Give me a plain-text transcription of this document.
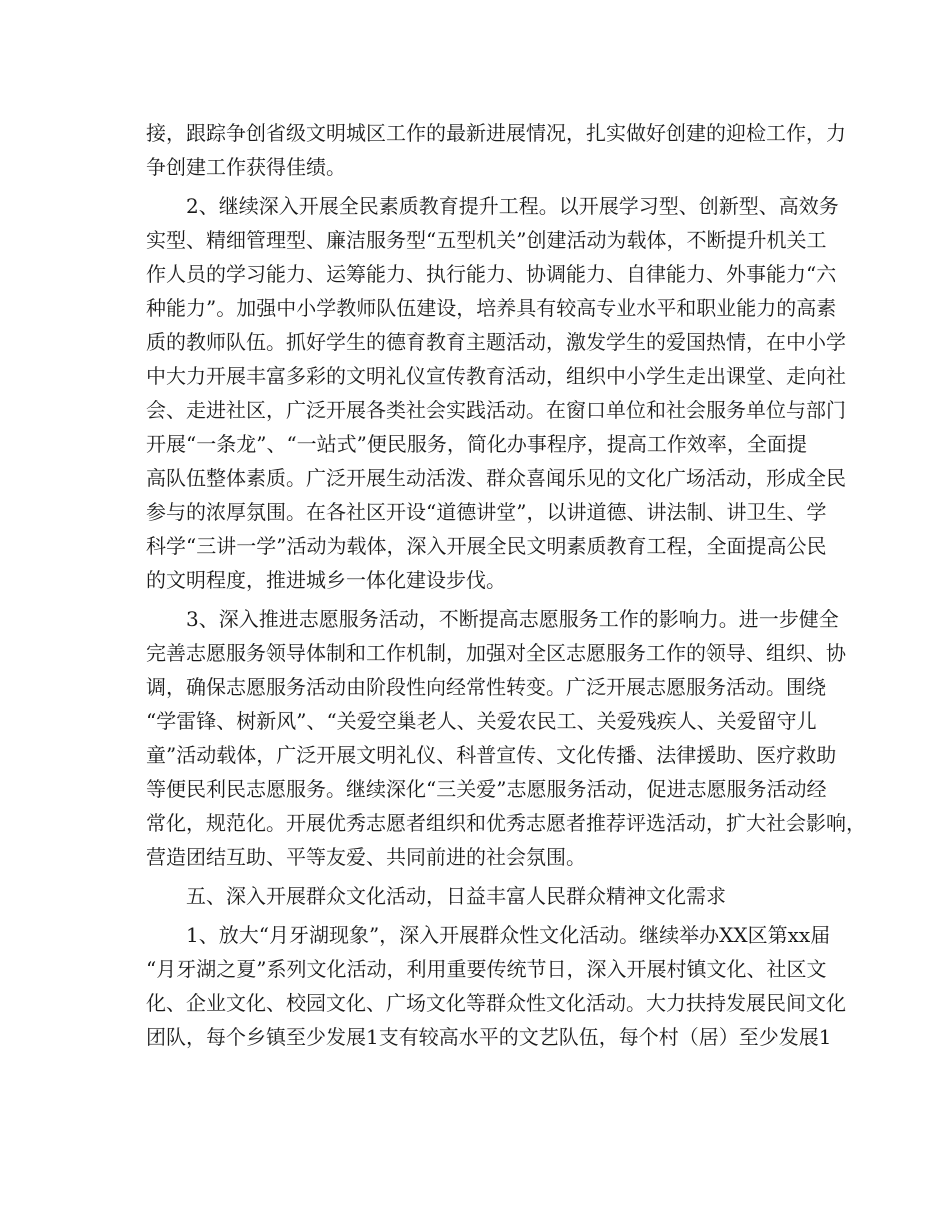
接，跟踪争创省级文明城区工作的最新进展情况，扎实做好创建的迎检工作，力
争创建工作获得佳绩。
2、继续深入开展全民素质教育提升工程。以开展学习型、创新型、高效务
实型、精细管理型、廉洁服务型“五型机关”创建活动为载体，不断提升机关工
作人员的学习能力、运筹能力、执行能力、协调能力、自律能力、外事能力“六
种能力”。加强中小学教师队伍建设，培养具有较高专业水平和职业能力的高素
质的教师队伍。抓好学生的德育教育主题活动，激发学生的爱国热情，在中小学
中大力开展丰富多彩的文明礼仪宣传教育活动，组织中小学生走出课堂、走向社
会、走进社区，广泛开展各类社会实践活动。在窗口单位和社会服务单位与部门
开展“一条龙”、“一站式”便民服务，简化办事程序，提高工作效率，全面提
高队伍整体素质。广泛开展生动活泼、群众喜闻乐见的文化广场活动，形成全民
参与的浓厚氛围。在各社区开设“道德讲堂”，以讲道德、讲法制、讲卫生、学
科学“三讲一学”活动为载体，深入开展全民文明素质教育工程，全面提高公民
的文明程度，推进城乡一体化建设步伐。
3、深入推进志愿服务活动，不断提高志愿服务工作的影响力。进一步健全
完善志愿服务领导体制和工作机制，加强对全区志愿服务工作的领导、组织、协
调，确保志愿服务活动由阶段性向经常性转变。广泛开展志愿服务活动。围绕
“学雷锋、树新风”、“关爱空巢老人、关爱农民工、关爱残疾人、关爱留守儿
童”活动载体，广泛开展文明礼仪、科普宣传、文化传播、法律援助、医疗救助
等便民利民志愿服务。继续深化“三关爱”志愿服务活动，促进志愿服务活动经
常化，规范化。开展优秀志愿者组织和优秀志愿者推荐评选活动，扩大社会影响，
营造团结互助、平等友爱、共同前进的社会氛围。
五、深入开展群众文化活动，日益丰富人民群众精神文化需求
1、放大“月牙湖现象”，深入开展群众性文化活动。继续举办XX区第xx届
“月牙湖之夏”系列文化活动，利用重要传统节日，深入开展村镇文化、社区文
化、企业文化、校园文化、广场文化等群众性文化活动。大力扶持发展民间文化
团队，每个乡镇至少发展1支有较高水平的文艺队伍，每个村（居）至少发展1
